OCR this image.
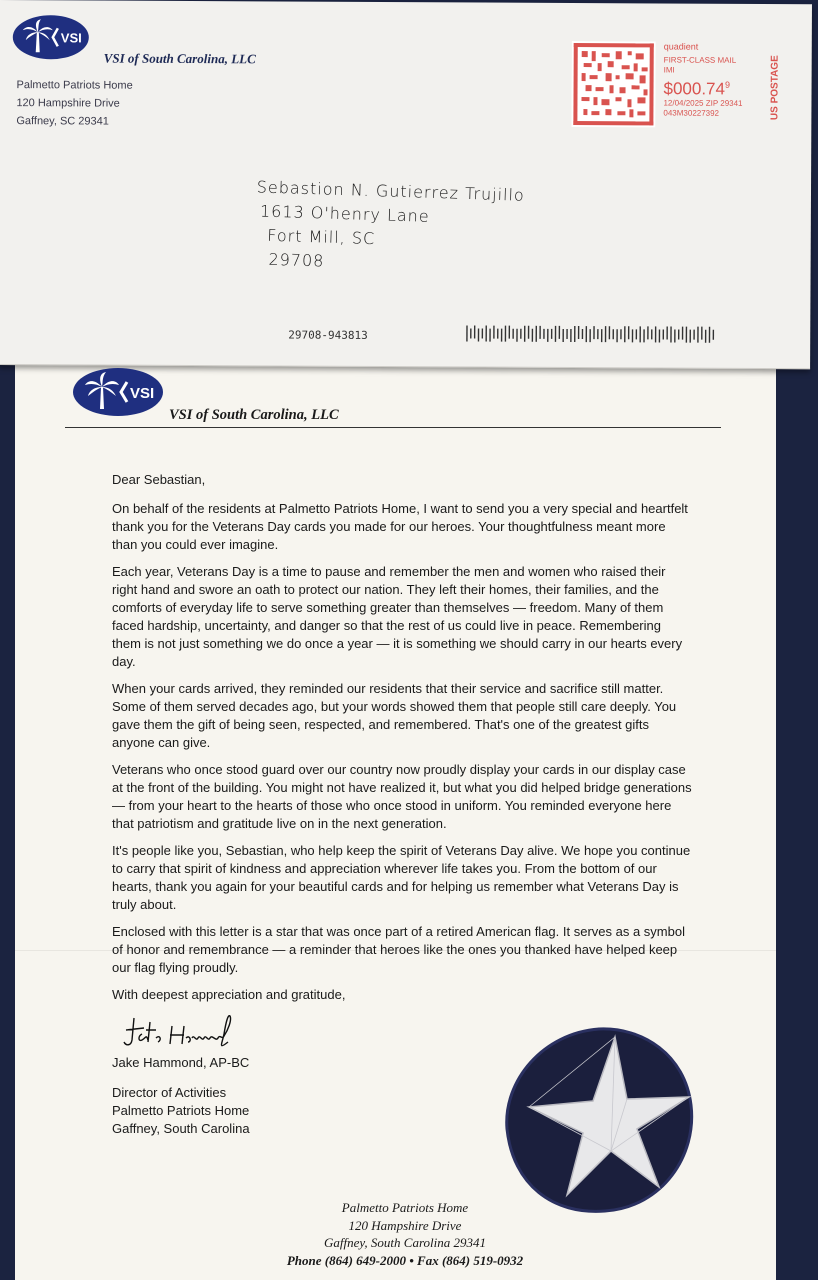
VSI
VSI of South Carolina, LLC
Palmetto Patriots Home
120 Hampshire Drive
Gaffney, SC 29341
quadient
FIRST-CLASS MAIL
IMI
$000.74$^9$
12/04/2025 ZIP 29341
043M30227392	US POSTAGE
Sebastion N. Gutierrez Trujillo
1613 O'henry Lane
Fort Mill, SC
29708
29708-943813
VSI of South Carolina, LLC

Dear Sebastian,

On behalf of the residents at Palmetto Patriots Home, I want to send you a very special and heartfelt thank you for the Veterans Day cards you made for our heroes. Your thoughtfulness meant more than you could ever imagine.

Each year, Veterans Day is a time to pause and remember the men and women who raised their right hand and swore an oath to protect our nation. They left their homes, their families, and the comforts of everyday life to serve something greater than themselves — freedom. Many of them faced hardship, uncertainty, and danger so that the rest of us could live in peace. Remembering them is not just something we do once a year — it is something we should carry in our hearts every day.

When your cards arrived, they reminded our residents that their service and sacrifice still matter. Some of them served decades ago, but your words showed them that people still care deeply. You gave them the gift of being seen, respected, and remembered. That's one of the greatest gifts anyone can give.

Veterans who once stood guard over our country now proudly display your cards in our display case at the front of the building. You might not have realized it, but what you did helped bridge generations — from your heart to the hearts of those who once stood in uniform. You reminded everyone here that patriotism and gratitude live on in the next generation.

It's people like you, Sebastian, who help keep the spirit of Veterans Day alive. We hope you continue to carry that spirit of kindness and appreciation wherever life takes you. From the bottom of our hearts, thank you again for your beautiful cards and for helping us remember what Veterans Day is truly about.

Enclosed with this letter is a star that was once part of a retired American flag. It serves as a symbol of honor and remembrance — a reminder that heroes like the ones you thanked have helped keep our flag flying proudly.

With deepest appreciation and gratitude,
Jake Hammond, AP-BC
Director of Activities
Palmetto Patriots Home
Gaffney, South Carolina
Palmetto Patriots Home
120 Hampshire Drive
Gaffney, South Carolina 29341
Phone (864) 649-2000 • Fax (864) 519-0932
VSI
